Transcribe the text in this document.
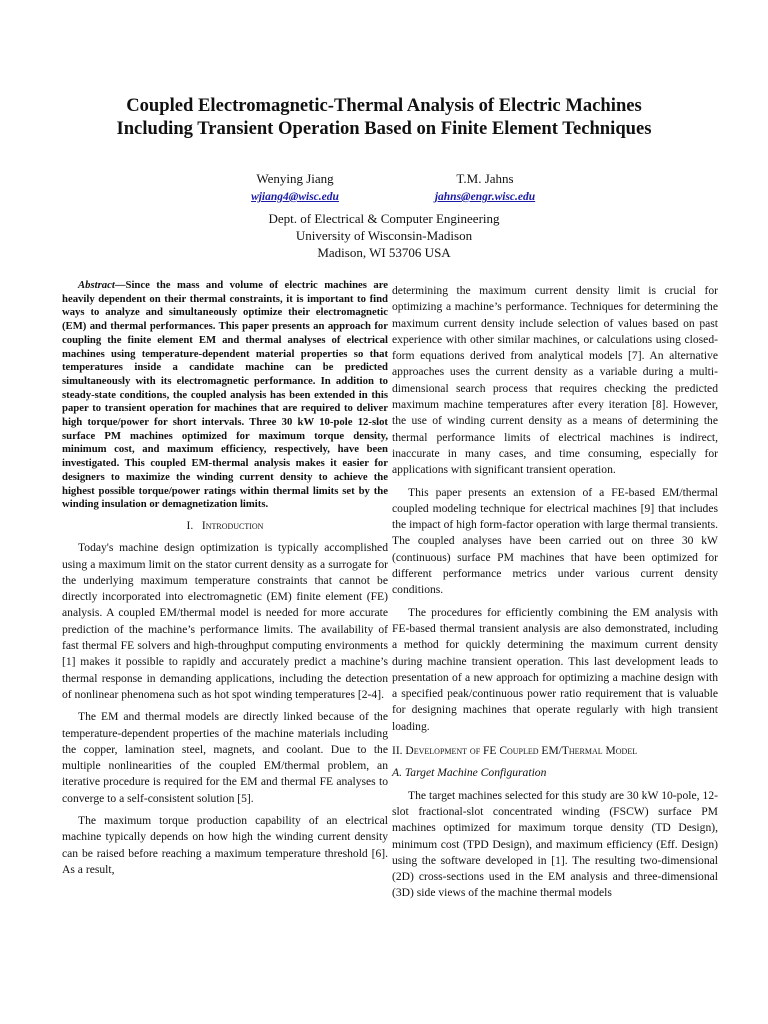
Coupled Electromagnetic-Thermal Analysis of Electric Machines
Including Transient Operation Based on Finite Element Techniques
Wenying Jiang
wjiang4@wisc.edu
T.M. Jahns
jahns@engr.wisc.edu
Dept. of Electrical & Computer Engineering
University of Wisconsin-Madison
Madison, WI 53706 USA

Abstract—Since the mass and volume of electric machines are heavily dependent on their thermal constraints, it is important to find ways to analyze and simultaneously optimize their electromagnetic (EM) and thermal performances. This paper presents an approach for coupling the finite element EM and thermal analyses of electrical machines using temperature-dependent material properties so that temperatures inside a candidate machine can be predicted simultaneously with its electromagnetic performance. In addition to steady-state conditions, the coupled analysis has been extended in this paper to transient operation for machines that are required to deliver high torque/power for short intervals. Three 30 kW 10-pole 12-slot surface PM machines optimized for maximum torque density, minimum cost, and maximum efficiency, respectively, have been investigated. This coupled EM-thermal analysis makes it easier for designers to maximize the winding current density to achieve the highest possible torque/power ratings within thermal limits set by the winding insulation or demagnetization limits.

I. Introduction

Today's machine design optimization is typically accomplished using a maximum limit on the stator current density as a surrogate for the underlying maximum temperature constraints that cannot be directly incorporated into electromagnetic (EM) finite element (FE) analysis. A coupled EM/thermal model is needed for more accurate prediction of the machine’s performance limits. The availability of fast thermal FE solvers and high-throughput computing environments [1] makes it possible to rapidly and accurately predict a machine’s thermal response in demanding applications, including the detection of nonlinear phenomena such as hot spot winding temperatures [2-4].

The EM and thermal models are directly linked because of the temperature-dependent properties of the machine materials including the copper, lamination steel, magnets, and coolant. Due to the multiple nonlinearities of the coupled EM/thermal problem, an iterative procedure is required for the EM and thermal FE analyses to converge to a self-consistent solution [5].

The maximum torque production capability of an electrical machine typically depends on how high the winding current density can be raised before reaching a maximum temperature threshold [6]. As a result,

determining the maximum current density limit is crucial for optimizing a machine’s performance. Techniques for determining the maximum current density include selection of values based on past experience with other similar machines, or calculations using closed-form equations derived from analytical models [7]. An alternative approaches uses the current density as a variable during a multi-dimensional search process that requires checking the predicted maximum machine temperatures after every iteration [8]. However, the use of winding current density as a means of determining the thermal performance limits of electrical machines is indirect, inaccurate in many cases, and time consuming, especially for applications with significant transient operation.

This paper presents an extension of a FE-based EM/thermal coupled modeling technique for electrical machines [9] that includes the impact of high form-factor operation with large thermal transients. The coupled analyses have been carried out on three 30 kW (continuous) surface PM machines that have been optimized for different performance metrics under various current density conditions.

The procedures for efficiently combining the EM analysis with FE-based thermal transient analysis are also demonstrated, including a method for quickly determining the maximum current density during machine transient operation. This last development leads to presentation of a new approach for optimizing a machine design with a specified peak/continuous power ratio requirement that is valuable for designing machines that operate regularly with high transient loading.

II. Development of FE Coupled EM/Thermal Model
A. Target Machine Configuration

The target machines selected for this study are 30 kW 10-pole, 12-slot fractional-slot concentrated winding (FSCW) surface PM machines optimized for maximum torque density (TD Design), minimum cost (TPD Design), and maximum efficiency (Eff. Design) using the software developed in [1]. The resulting two-dimensional (2D) cross-sections used in the EM analysis and three-dimensional (3D) side views of the machine thermal models
